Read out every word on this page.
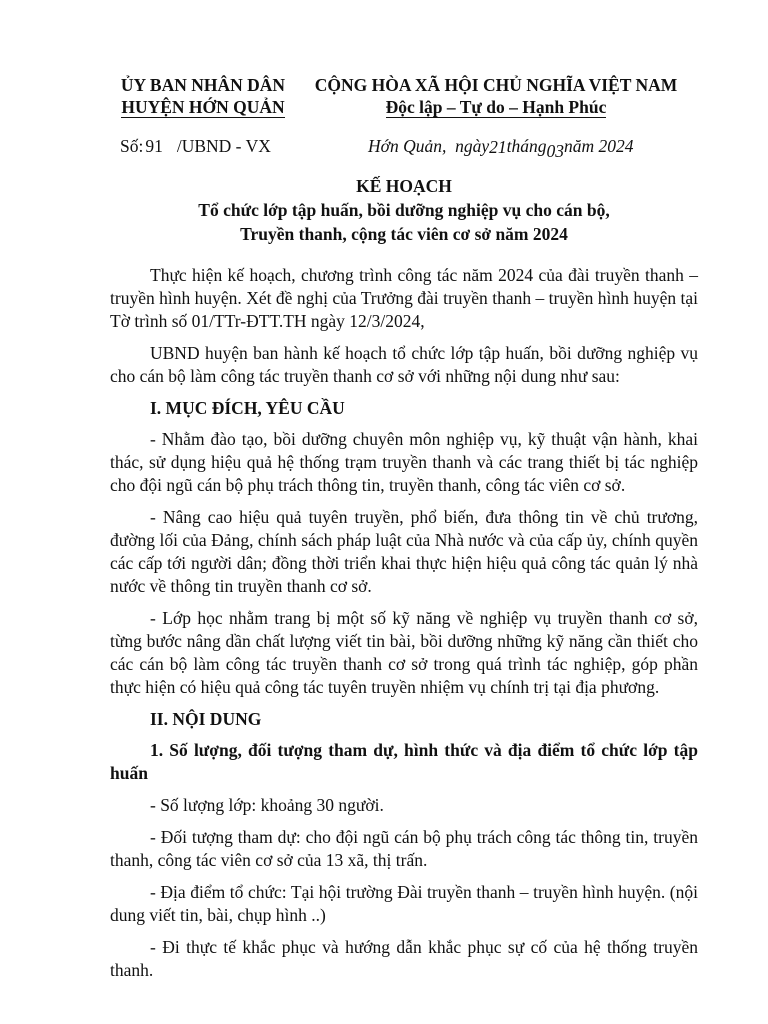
ỦY BAN NHÂN DÂN
HUYỆN HỚN QUẢN
CỘNG HÒA XÃ HỘI CHỦ NGHĨA VIỆT NAM
Độc lập – Tự do – Hạnh Phúc
Số: 91 /UBND - VX	Hớn Quản, ngày21tháng03năm 2024
KẾ HOẠCH
Tổ chức lớp tập huấn, bồi dưỡng nghiệp vụ cho cán bộ,
Truyền thanh, cộng tác viên cơ sở năm 2024

Thực hiện kế hoạch, chương trình công tác năm 2024 của đài truyền thanh – truyền hình huyện. Xét đề nghị của Trưởng đài truyền thanh – truyền hình huyện tại Tờ trình số 01/TTr-ĐTT.TH ngày 12/3/2024,

UBND huyện ban hành kế hoạch tổ chức lớp tập huấn, bồi dưỡng nghiệp vụ cho cán bộ làm công tác truyền thanh cơ sở với những nội dung như sau:

I. MỤC ĐÍCH, YÊU CẦU

- Nhằm đào tạo, bồi dưỡng chuyên môn nghiệp vụ, kỹ thuật vận hành, khai thác, sử dụng hiệu quả hệ thống trạm truyền thanh và các trang thiết bị tác nghiệp cho đội ngũ cán bộ phụ trách thông tin, truyền thanh, công tác viên cơ sở.

- Nâng cao hiệu quả tuyên truyền, phổ biến, đưa thông tin về chủ trương, đường lối của Đảng, chính sách pháp luật của Nhà nước và của cấp ủy, chính quyền các cấp tới người dân; đồng thời triển khai thực hiện hiệu quả công tác quản lý nhà nước về thông tin truyền thanh cơ sở.

- Lớp học nhằm trang bị một số kỹ năng về nghiệp vụ truyền thanh cơ sở, từng bước nâng dần chất lượng viết tin bài, bồi dưỡng những kỹ năng cần thiết cho các cán bộ làm công tác truyền thanh cơ sở trong quá trình tác nghiệp, góp phần thực hiện có hiệu quả công tác tuyên truyền nhiệm vụ chính trị tại địa phương.

II. NỘI DUNG

1. Số lượng, đối tượng tham dự, hình thức và địa điểm tổ chức lớp tập huấn

- Số lượng lớp: khoảng 30 người.

- Đối tượng tham dự: cho đội ngũ cán bộ phụ trách công tác thông tin, truyền thanh, công tác viên cơ sở của 13 xã, thị trấn.

- Địa điểm tổ chức: Tại hội trường Đài truyền thanh – truyền hình huyện. (nội dung viết tin, bài, chụp hình ..)

- Đi thực tế khắc phục và hướng dẫn khắc phục sự cố của hệ thống truyền thanh.
